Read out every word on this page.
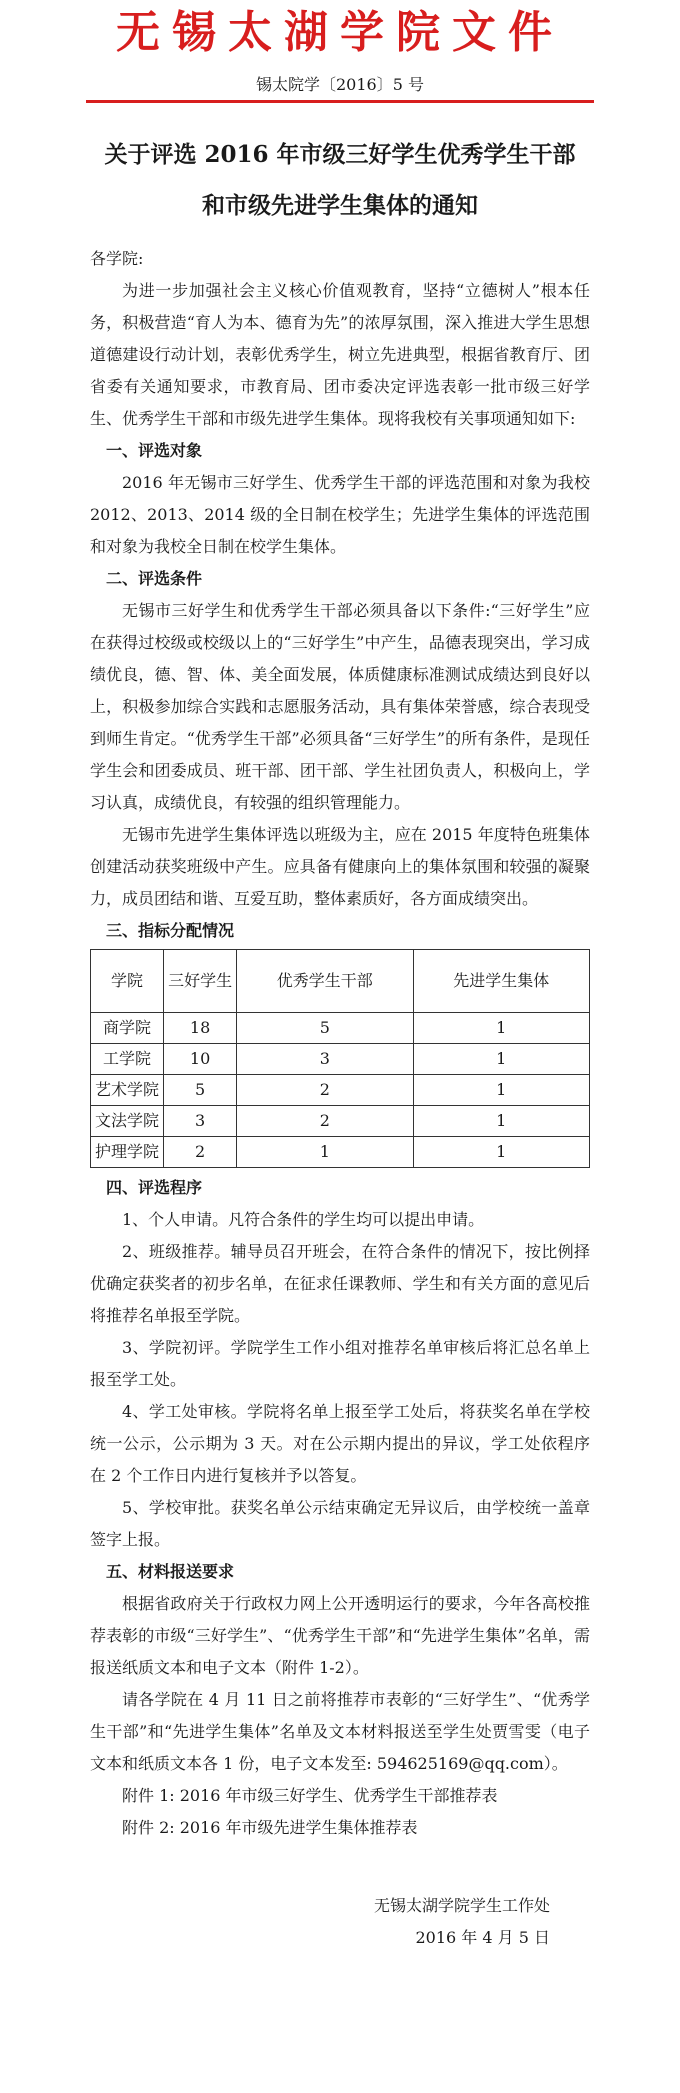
无锡太湖学院文件
锡太院学〔2016〕5 号
关于评选 2016 年市级三好学生优秀学生干部
和市级先进学生集体的通知

各学院:

为进一步加强社会主义核心价值观教育，坚持“立德树人”根本任务，积极营造“育人为本、德育为先”的浓厚氛围，深入推进大学生思想道德建设行动计划，表彰优秀学生，树立先进典型，根据省教育厅、团省委有关通知要求，市教育局、团市委决定评选表彰一批市级三好学生、优秀学生干部和市级先进学生集体。现将我校有关事项通知如下:

一、评选对象

2016 年无锡市三好学生、优秀学生干部的评选范围和对象为我校 2012、2013、2014 级的全日制在校学生；先进学生集体的评选范围和对象为我校全日制在校学生集体。

二、评选条件

无锡市三好学生和优秀学生干部必须具备以下条件:“三好学生”应在获得过校级或校级以上的“三好学生”中产生，品德表现突出，学习成绩优良，德、智、体、美全面发展，体质健康标准测试成绩达到良好以上，积极参加综合实践和志愿服务活动，具有集体荣誉感，综合表现受到师生肯定。“优秀学生干部”必须具备“三好学生”的所有条件，是现任学生会和团委成员、班干部、团干部、学生社团负责人，积极向上，学习认真，成绩优良，有较强的组织管理能力。

无锡市先进学生集体评选以班级为主，应在 2015 年度特色班集体创建活动获奖班级中产生。应具备有健康向上的集体氛围和较强的凝聚力，成员团结和谐、互爱互助，整体素质好，各方面成绩突出。

三、指标分配情况

学院	三好学生	优秀学生干部	先进学生集体
商学院	18	5	1
工学院	10	3	1
艺术学院	5	2	1
文法学院	3	2	1
护理学院	2	1	1

四、评选程序

1、个人申请。凡符合条件的学生均可以提出申请。

2、班级推荐。辅导员召开班会，在符合条件的情况下，按比例择优确定获奖者的初步名单，在征求任课教师、学生和有关方面的意见后将推荐名单报至学院。

3、学院初评。学院学生工作小组对推荐名单审核后将汇总名单上报至学工处。

4、学工处审核。学院将名单上报至学工处后，将获奖名单在学校统一公示，公示期为 3 天。对在公示期内提出的异议，学工处依程序在 2 个工作日内进行复核并予以答复。

5、学校审批。获奖名单公示结束确定无异议后，由学校统一盖章签字上报。

五、材料报送要求

根据省政府关于行政权力网上公开透明运行的要求，今年各高校推荐表彰的市级“三好学生”、“优秀学生干部”和“先进学生集体”名单，需报送纸质文本和电子文本（附件 1-2）。

请各学院在 4 月 11 日之前将推荐市表彰的“三好学生”、“优秀学生干部”和“先进学生集体”名单及文本材料报送至学生处贾雪雯（电子文本和纸质文本各 1 份，电子文本发至: 594625169@qq.com）。

附件 1: 2016 年市级三好学生、优秀学生干部推荐表

附件 2: 2016 年市级先进学生集体推荐表

无锡太湖学院学生工作处
2016 年 4 月 5 日
